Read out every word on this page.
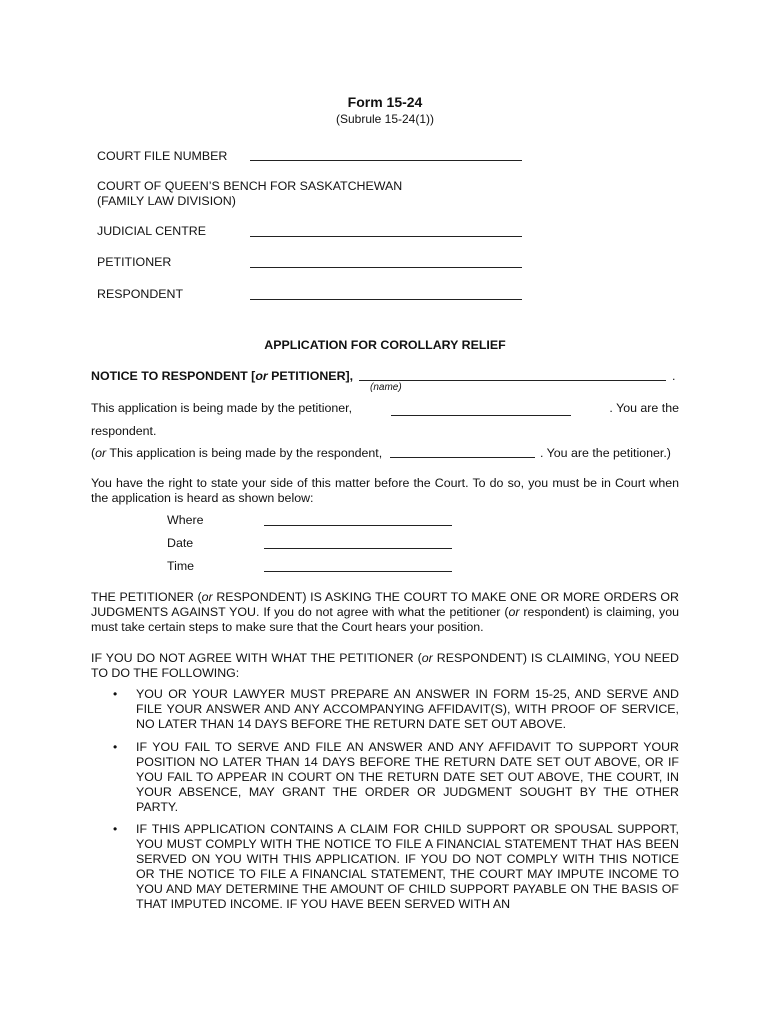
Form 15-24
(Subrule 15-24(1))
COURT FILE NUMBER
COURT OF QUEEN’S BENCH FOR SASKATCHEWAN
(FAMILY LAW DIVISION)
JUDICIAL CENTRE
PETITIONER
RESPONDENT
APPLICATION FOR COROLLARY RELIEF
NOTICE TO RESPONDENT [or PETITIONER],	.
(name)
This application is being made by the petitioner,	. You are the
respondent.
(or This application is being made by the respondent,	. You are the petitioner.)
You have the right to state your side of this matter before the Court. To do so, you must be in Court when the application is heard as shown below:
Where
Date
Time
THE PETITIONER (or RESPONDENT) IS ASKING THE COURT TO MAKE ONE OR MORE ORDERS OR JUDGMENTS AGAINST YOU. If you do not agree with what the petitioner (or respondent) is claiming, you must take certain steps to make sure that the Court hears your position.
IF YOU DO NOT AGREE WITH WHAT THE PETITIONER (or RESPONDENT) IS CLAIMING, YOU NEED TO DO THE FOLLOWING:
• YOU OR YOUR LAWYER MUST PREPARE AN ANSWER IN FORM 15-25, AND SERVE AND FILE YOUR ANSWER AND ANY ACCOMPANYING AFFIDAVIT(S), WITH PROOF OF SERVICE, NO LATER THAN 14 DAYS BEFORE THE RETURN DATE SET OUT ABOVE.
• IF YOU FAIL TO SERVE AND FILE AN ANSWER AND ANY AFFIDAVIT TO SUPPORT YOUR POSITION NO LATER THAN 14 DAYS BEFORE THE RETURN DATE SET OUT ABOVE, OR IF YOU FAIL TO APPEAR IN COURT ON THE RETURN DATE SET OUT ABOVE, THE COURT, IN YOUR ABSENCE, MAY GRANT THE ORDER OR JUDGMENT SOUGHT BY THE OTHER PARTY.
• IF THIS APPLICATION CONTAINS A CLAIM FOR CHILD SUPPORT OR SPOUSAL SUPPORT, YOU MUST COMPLY WITH THE NOTICE TO FILE A FINANCIAL STATEMENT THAT HAS BEEN SERVED ON YOU WITH THIS APPLICATION. IF YOU DO NOT COMPLY WITH THIS NOTICE OR THE NOTICE TO FILE A FINANCIAL STATEMENT, THE COURT MAY IMPUTE INCOME TO YOU AND MAY DETERMINE THE AMOUNT OF CHILD SUPPORT PAYABLE ON THE BASIS OF THAT IMPUTED INCOME. IF YOU HAVE BEEN SERVED WITH AN
